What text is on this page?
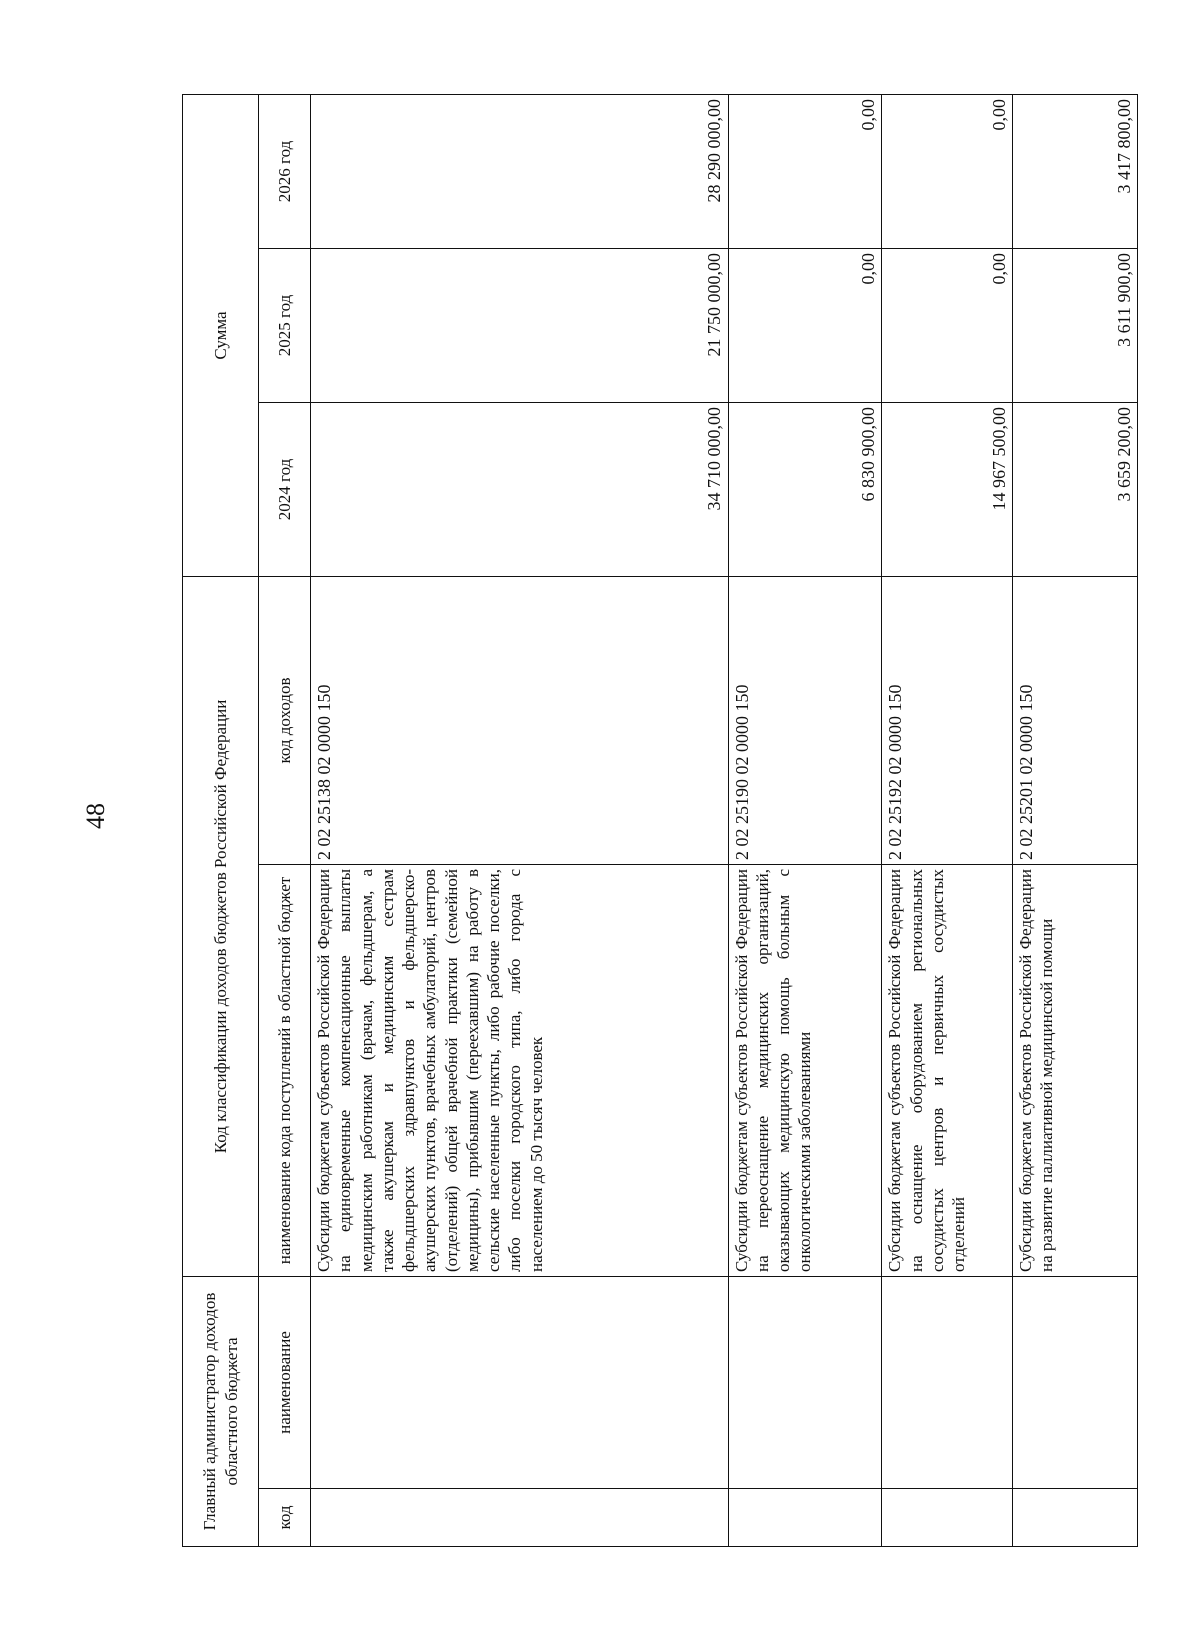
48
Главный администратор доходов областного бюджета		Код классификации доходов бюджетов Российской Федерации		Сумма		
код	наименование	наименование кода поступлений в областной бюджет	код доходов	2024 год	2025 год	2026 год
		Субсидии бюджетам субъектов Российской Федерации на единовременные компенсационные выплаты медицинским работникам (врачам, фельдшерам, а также акушеркам и медицинским сестрам фельдшерских здравпунктов и фельдшерско-акушерских пунктов, врачебных амбулаторий, центров (отделений) общей врачебной практики (семейной медицины), прибывшим (переехавшим) на работу в сельские населенные пункты, либо рабочие поселки, либо поселки городского типа, либо города с населением до 50 тысяч человек	2 02 25138 02 0000 150	34 710 000,00	21 750 000,00	28 290 000,00
		Субсидии бюджетам субъектов Российской Федерации на переоснащение медицинских организаций, оказывающих медицинскую помощь больным с онкологическими заболеваниями	2 02 25190 02 0000 150	6 830 900,00	0,00	0,00
		Субсидии бюджетам субъектов Российской Федерации на оснащение оборудованием региональных сосудистых центров и первичных сосудистых отделений	2 02 25192 02 0000 150	14 967 500,00	0,00	0,00
		Субсидии бюджетам субъектов Российской Федерации на развитие паллиативной медицинской помощи	2 02 25201 02 0000 150	3 659 200,00	3 611 900,00	3 417 800,00
